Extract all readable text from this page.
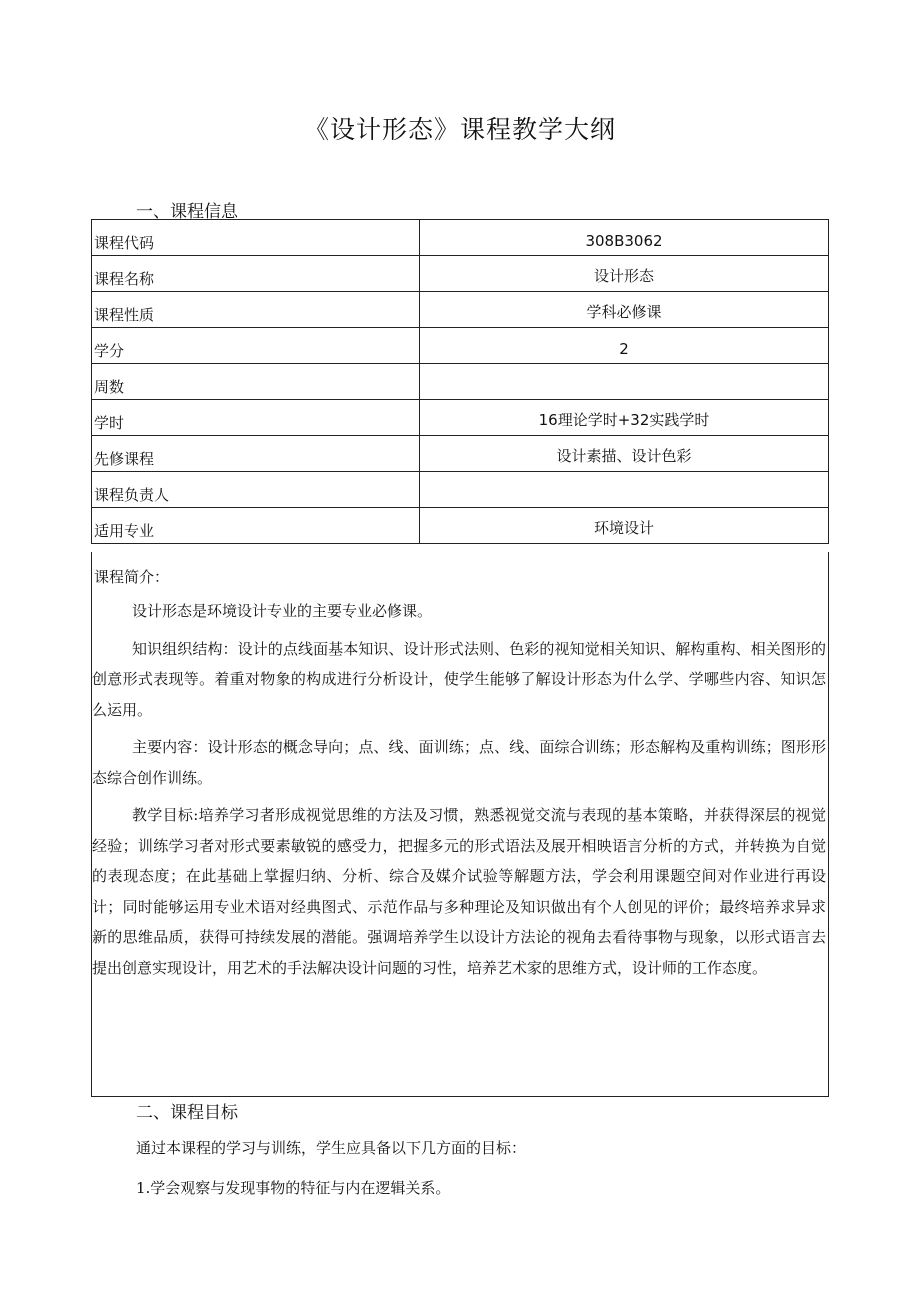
《设计形态》课程教学大纲
一、课程信息
课程代码	308B3062
课程名称	设计形态
课程性质	学科必修课
学分	2
周数	
学时	16理论学时+32实践学时
先修课程	设计素描、设计色彩
课程负责人	
适用专业	环境设计
课程简介：

设计形态是环境设计专业的主要专业必修课。

知识组织结构：设计的点线面基本知识、设计形式法则、色彩的视知觉相关知识、解构重构、相关图形的创意形式表现等。着重对物象的构成进行分析设计，使学生能够了解设计形态为什么学、学哪些内容、知识怎么运用。

主要内容：设计形态的概念导向；点、线、面训练；点、线、面综合训练；形态解构及重构训练；图形形态综合创作训练。

教学目标:培养学习者形成视觉思维的方法及习惯，熟悉视觉交流与表现的基本策略，并获得深层的视觉经验；训练学习者对形式要素敏锐的感受力，把握多元的形式语法及展开相映语言分析的方式，并转换为自觉的表现态度；在此基础上掌握归纳、分析、综合及媒介试验等解题方法，学会利用课题空间对作业进行再设计；同时能够运用专业术语对经典图式、示范作品与多种理论及知识做出有个人创见的评价；最终培养求异求新的思维品质，获得可持续发展的潜能。强调培养学生以设计方法论的视角去看待事物与现象，以形式语言去提出创意实现设计，用艺术的手法解决设计问题的习性，培养艺术家的思维方式，设计师的工作态度。

二、课程目标
通过本课程的学习与训练，学生应具备以下几方面的目标：
1.学会观察与发现事物的特征与内在逻辑关系。
